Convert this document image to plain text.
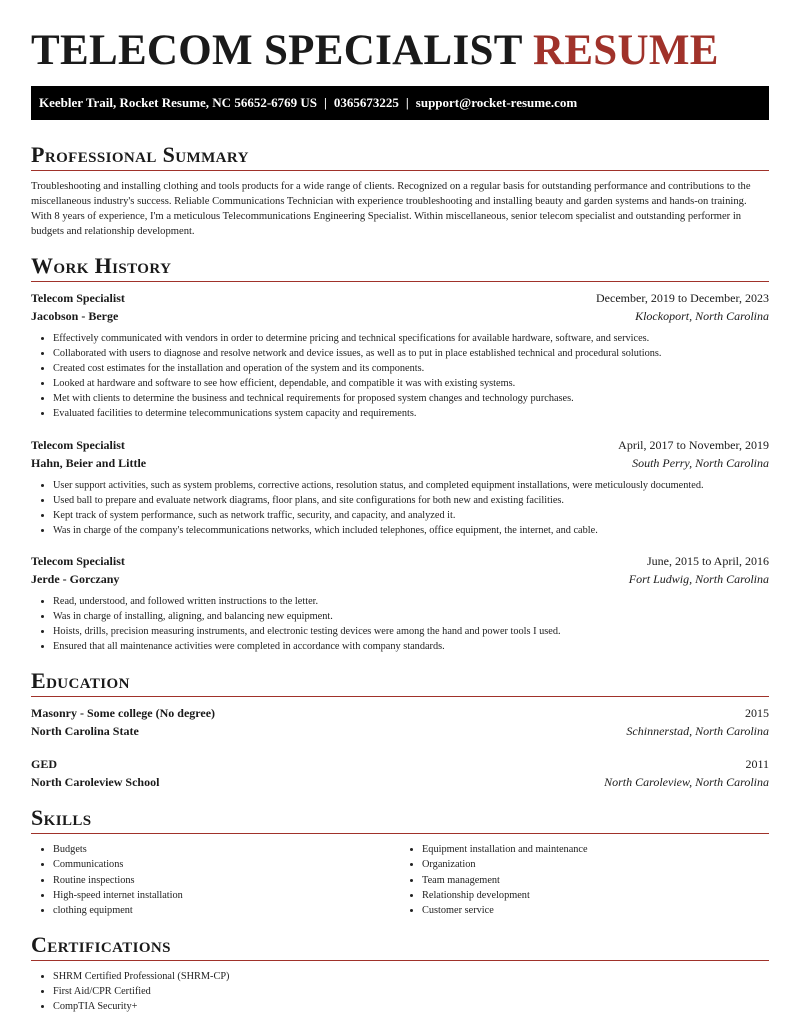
TELECOM SPECIALIST RESUME
Keebler Trail, Rocket Resume, NC 56652-6769 US | 0365673225 | support@rocket-resume.com
Professional Summary
Troubleshooting and installing clothing and tools products for a wide range of clients. Recognized on a regular basis for outstanding performance and contributions to the miscellaneous industry's success. Reliable Communications Technician with experience troubleshooting and installing beauty and garden systems and hands-on training. With 8 years of experience, I'm a meticulous Telecommunications Engineering Specialist. Within miscellaneous, senior telecom specialist and outstanding performer in budgets and relationship development.
Work History
Telecom Specialist	December, 2019 to December, 2023
Jacobson - Berge	Klockoport, North Carolina
• Effectively communicated with vendors in order to determine pricing and technical specifications for available hardware, software, and services.
• Collaborated with users to diagnose and resolve network and device issues, as well as to put in place established technical and procedural solutions.
• Created cost estimates for the installation and operation of the system and its components.
• Looked at hardware and software to see how efficient, dependable, and compatible it was with existing systems.
• Met with clients to determine the business and technical requirements for proposed system changes and technology purchases.
• Evaluated facilities to determine telecommunications system capacity and requirements.
Telecom Specialist	April, 2017 to November, 2019
Hahn, Beier and Little	South Perry, North Carolina
• User support activities, such as system problems, corrective actions, resolution status, and completed equipment installations, were meticulously documented.
• Used ball to prepare and evaluate network diagrams, floor plans, and site configurations for both new and existing facilities.
• Kept track of system performance, such as network traffic, security, and capacity, and analyzed it.
• Was in charge of the company's telecommunications networks, which included telephones, office equipment, the internet, and cable.
Telecom Specialist	June, 2015 to April, 2016
Jerde - Gorczany	Fort Ludwig, North Carolina
• Read, understood, and followed written instructions to the letter.
• Was in charge of installing, aligning, and balancing new equipment.
• Hoists, drills, precision measuring instruments, and electronic testing devices were among the hand and power tools I used.
• Ensured that all maintenance activities were completed in accordance with company standards.
Education
Masonry - Some college (No degree)	2015
North Carolina State	Schinnerstad, North Carolina
GED	2011
North Caroleview School	North Caroleview, North Carolina
Skills
• Budgets
• Communications
• Routine inspections
• High-speed internet installation
• clothing equipment
• Equipment installation and maintenance
• Organization
• Team management
• Relationship development
• Customer service
Certifications
• SHRM Certified Professional (SHRM-CP)
• First Aid/CPR Certified
• CompTIA Security+
